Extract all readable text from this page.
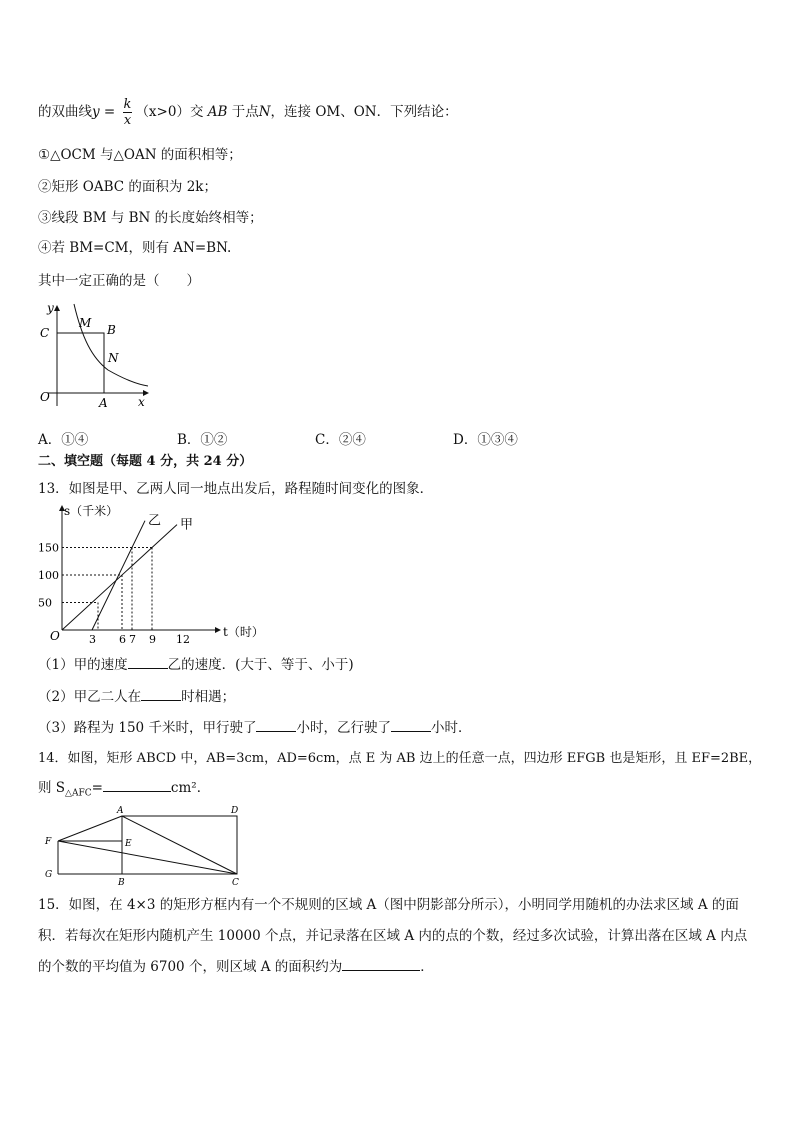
的双曲线$y = \frac{k}{x} (x>0)$交 AB 于点N，连接 OM、ON．下列结论：
①△OCM 与△OAN 的面积相等；
②矩形 OABC 的面积为 2k；
③线段 BM 与 BN 的长度始终相等；
④若 BM=CM，则有 AN=BN.
其中一定正确的是（　　）
y
C
M B
N
O	A	x
A．①④	B．①②	C．②④	D．①③④
二、填空题（每题 4 分，共 24 分）
13．如图是甲、乙两人同一地点出发后，路程随时间变化的图象．
O
s（千米）
t（时）
50
100
150
3 6 7 9 12
甲
乙
（1）甲的速度	乙的速度．(大于、等于、小于)
（2）甲乙二人在	时相遇；
（3）路程为 150 千米时，甲行驶了	小时，乙行驶了	小时．
14．如图，矩形 ABCD 中，AB=3cm，AD=6cm，点 E 为 AB 边上的任意一点，四边形 EFGB 也是矩形，且 EF=2BE，
则 $S_{\triangle AFC}=$	cm²．
A	D
F	E
G
B	C
15．如图，在 4×3 的矩形方框内有一个不规则的区域 A（图中阴影部分所示），小明同学用随机的办法求区域 A 的面
积．若每次在矩形内随机产生 10000 个点，并记录落在区域 A 内的点的个数，经过多次试验，计算出落在区域 A 内点
的个数的平均值为 6700 个，则区域 A 的面积约为	．
